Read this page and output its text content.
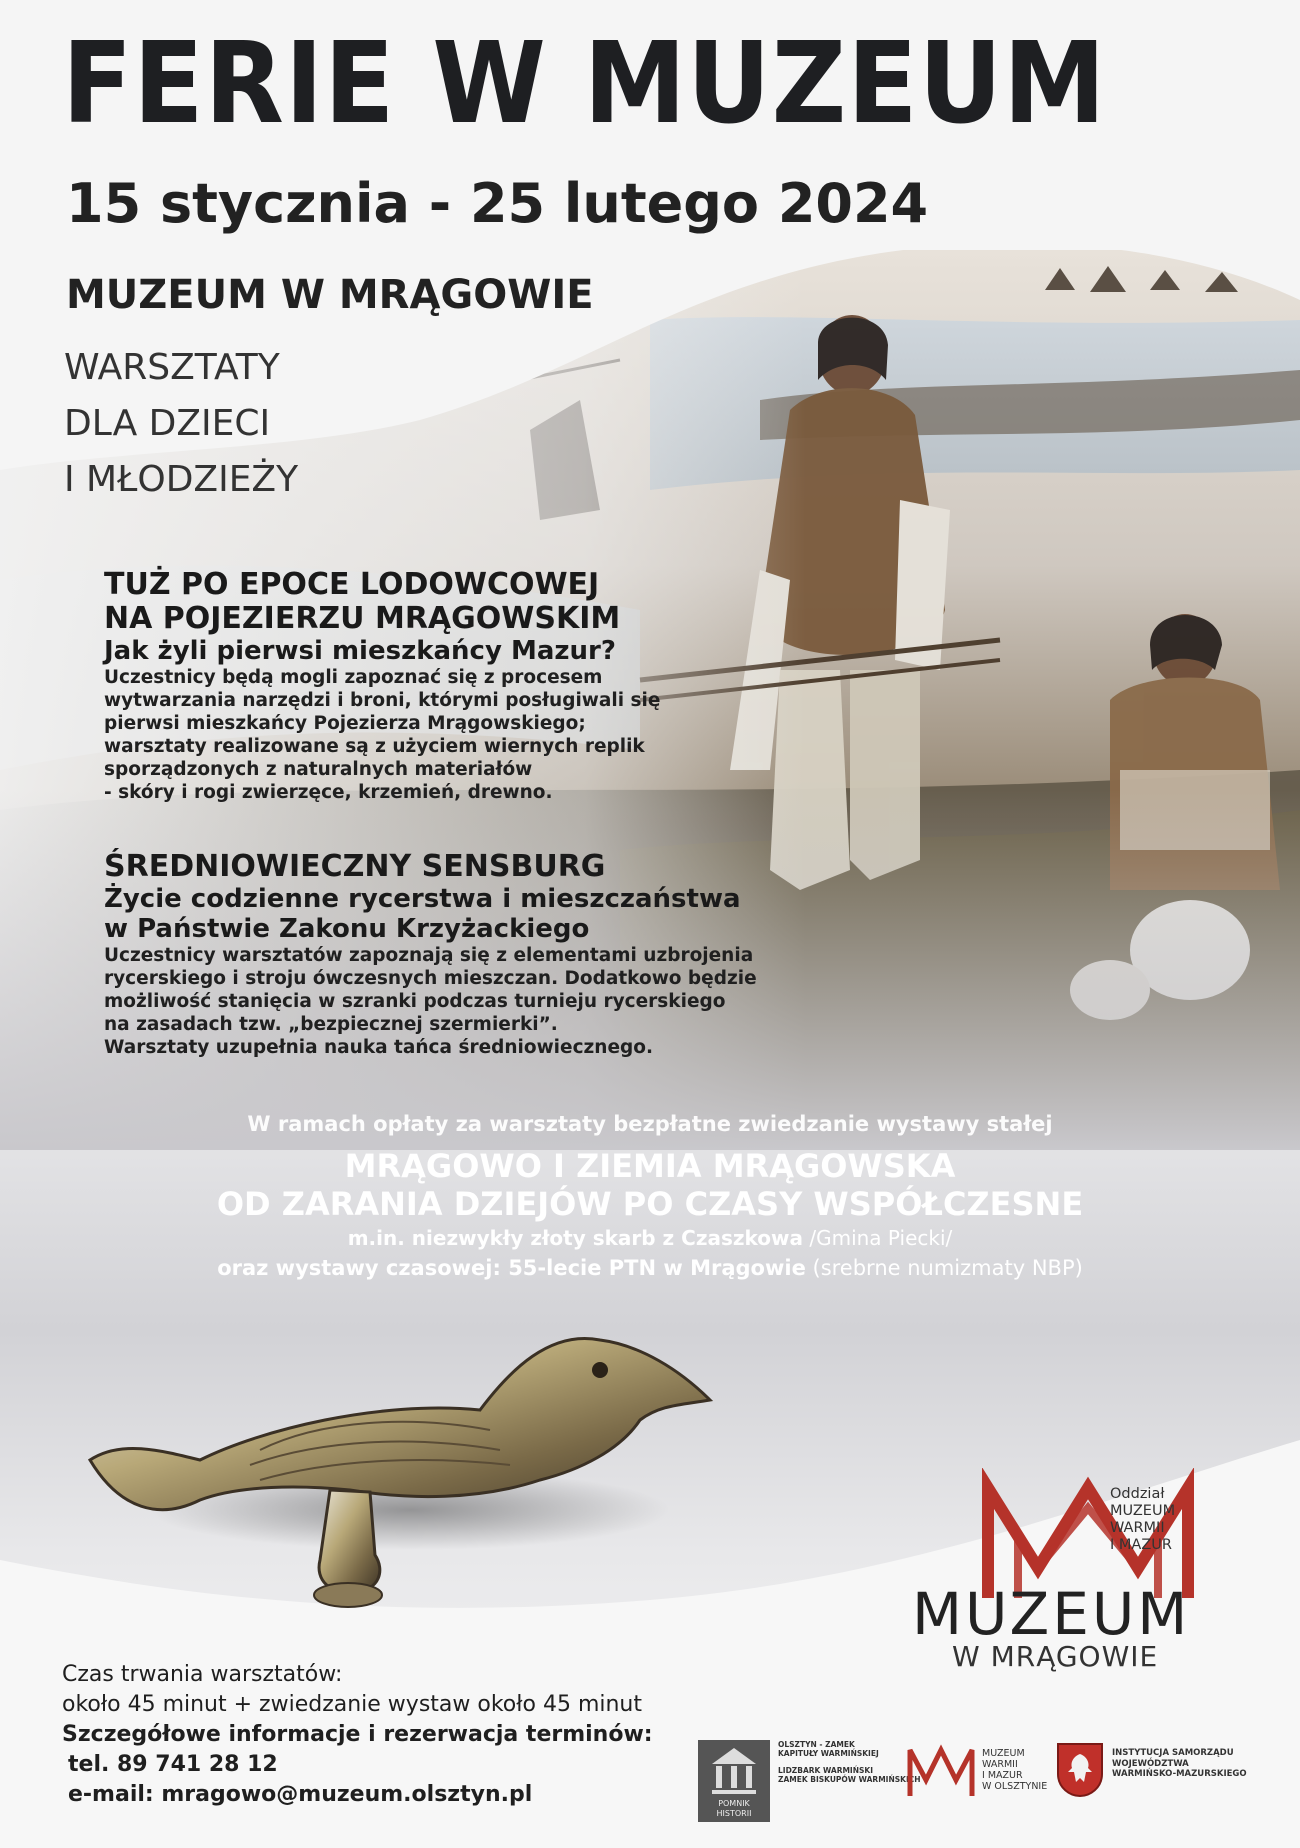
FERIE W MUZEUM
15 stycznia - 25 lutego 2024
MUZEUM W MRĄGOWIE
WARSZTATY
DLA DZIECI
I MŁODZIEŻY
TUŻ PO EPOCE LODOWCOWEJ
NA POJEZIERZU MRĄGOWSKIM
Jak żyli pierwsi mieszkańcy Mazur?
Uczestnicy będą mogli zapoznać się z procesem
wytwarzania narzędzi i broni, którymi posługiwali się
pierwsi mieszkańcy Pojezierza Mrągowskiego;
warsztaty realizowane są z użyciem wiernych replik
sporządzonych z naturalnych materiałów
- skóry i rogi zwierzęce, krzemień, drewno.
ŚREDNIOWIECZNY SENSBURG
Życie codzienne rycerstwa i mieszczaństwa
w Państwie Zakonu Krzyżackiego
Uczestnicy warsztatów zapoznają się z elementami uzbrojenia
rycerskiego i stroju ówczesnych mieszczan. Dodatkowo będzie
możliwość stanięcia w szranki podczas turnieju rycerskiego
na zasadach tzw. „bezpiecznej szermierki”.
Warsztaty uzupełnia nauka tańca średniowiecznego.
W ramach opłaty za warsztaty bezpłatne zwiedzanie wystawy stałej
MRĄGOWO I ZIEMIA MRĄGOWSKA
OD ZARANIA DZIEJÓW PO CZASY WSPÓŁCZESNE
m.in. niezwykły złoty skarb z Czaszkowa /Gmina Piecki/
oraz wystawy czasowej: 55-lecie PTN w Mrągowie (srebrne numizmaty NBP)
Oddział
MUZEUM
WARMII
I MAZUR
MUZEUM
W MRĄGOWIE
Czas trwania warsztatów:
około 45 minut + zwiedzanie wystaw około 45 minut
Szczegółowe informacje i rezerwacja terminów:
tel. 89 741 28 12
e-mail: mragowo@muzeum.olsztyn.pl	POMNIK
HISTORII
OLSZTYN - ZAMEK
KAPITUŁY WARMIŃSKIEJ
LIDZBARK WARMIŃSKI
ZAMEK BISKUPÓW WARMIŃSKICH
MUZEUM
WARMII
I MAZUR
W OLSZTYNIE
INSTYTUCJA SAMORZĄDU
WOJEWÓDZTWA
WARMIŃSKO-MAZURSKIEGO
